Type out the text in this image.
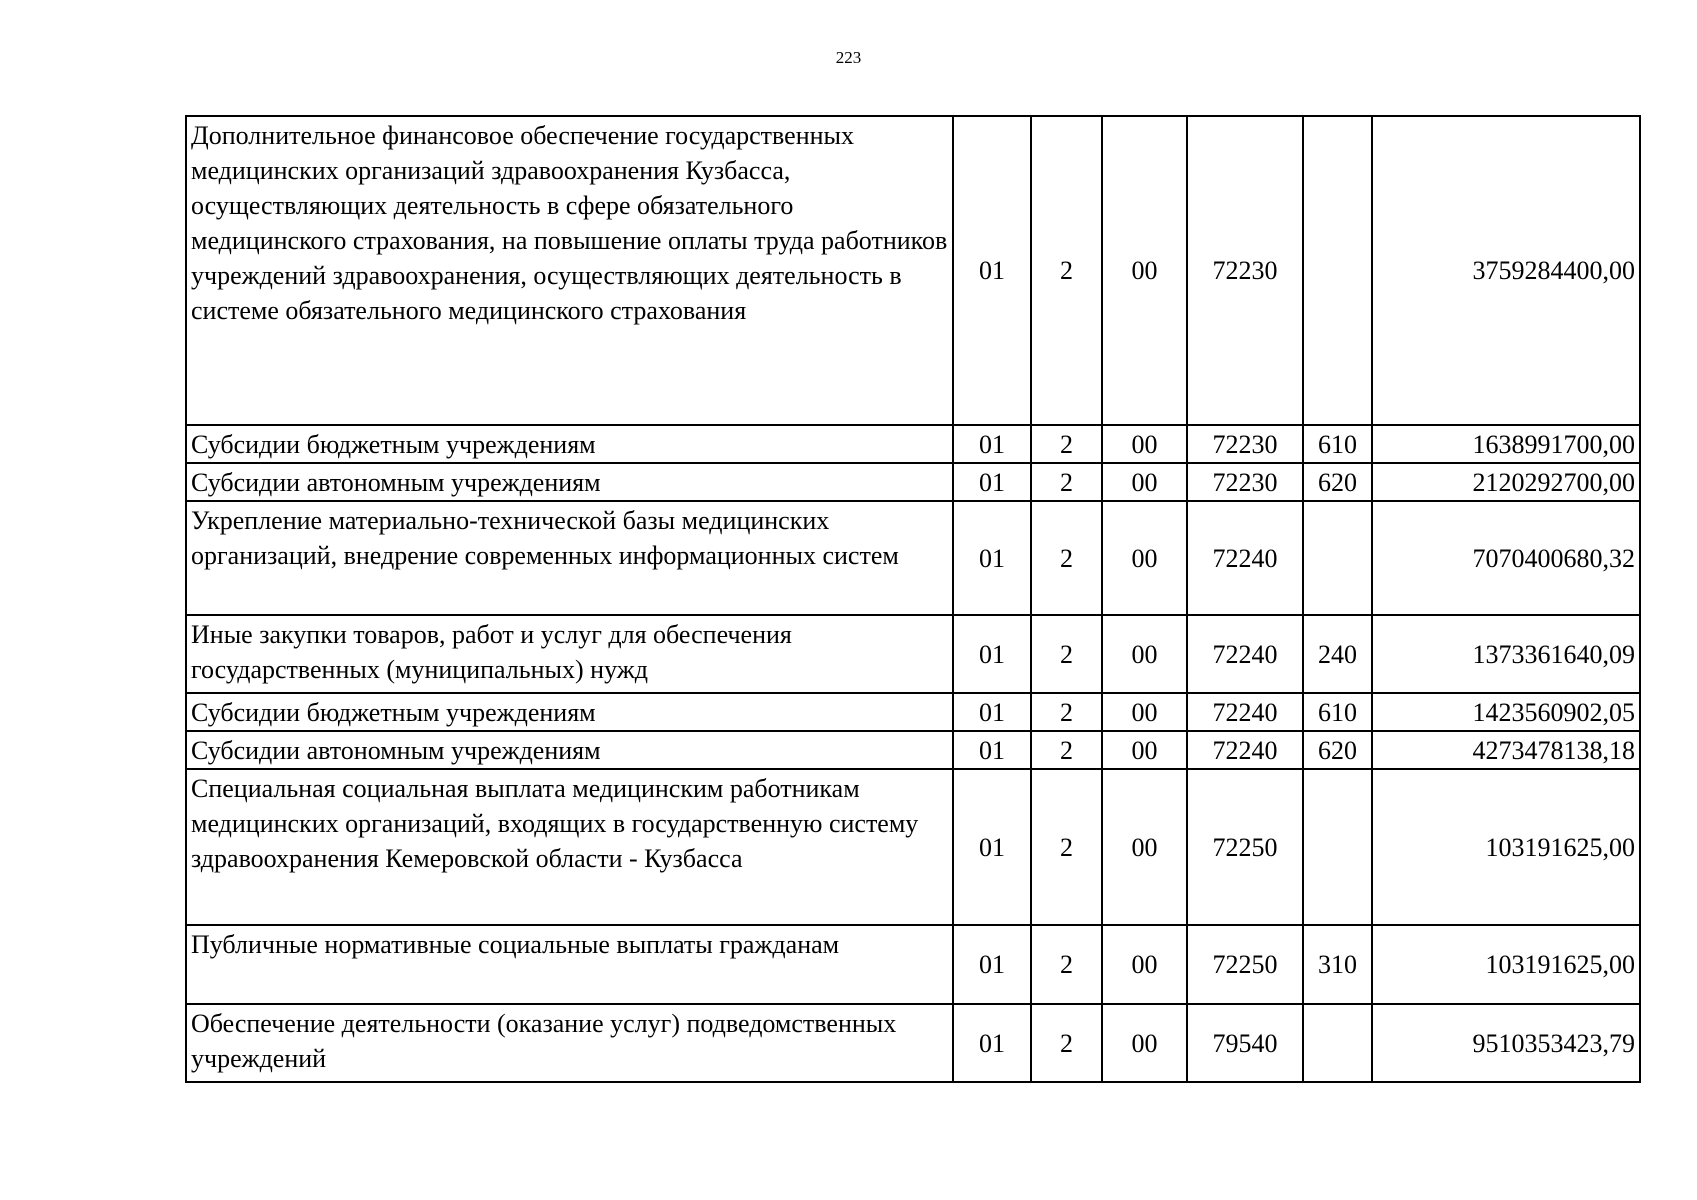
223
Дополнительное финансовое обеспечение государственных медицинских организаций здравоохранения Кузбасса, осуществляющих деятельность в сфере обязательного медицинского страхования, на повышение оплаты труда работников учреждений здравоохранения, осуществляющих деятельность в системе обязательного медицинского страхования	01	2	00	72230		3759284400,00
Субсидии бюджетным учреждениям	01	2	00	72230	610	1638991700,00
Субсидии автономным учреждениям	01	2	00	72230	620	2120292700,00
Укрепление материально-технической базы медицинских организаций, внедрение современных информационных систем	01	2	00	72240		7070400680,32
Иные закупки товаров, работ и услуг для обеспечения государственных (муниципальных) нужд	01	2	00	72240	240	1373361640,09
Субсидии бюджетным учреждениям	01	2	00	72240	610	1423560902,05
Субсидии автономным учреждениям	01	2	00	72240	620	4273478138,18
Специальная социальная выплата медицинским работникам медицинских организаций, входящих в государственную систему здравоохранения Кемеровской области - Кузбасса	01	2	00	72250		103191625,00
Публичные нормативные социальные выплаты гражданам	01	2	00	72250	310	103191625,00
Обеспечение деятельности (оказание услуг) подведомственных учреждений	01	2	00	79540		9510353423,79
